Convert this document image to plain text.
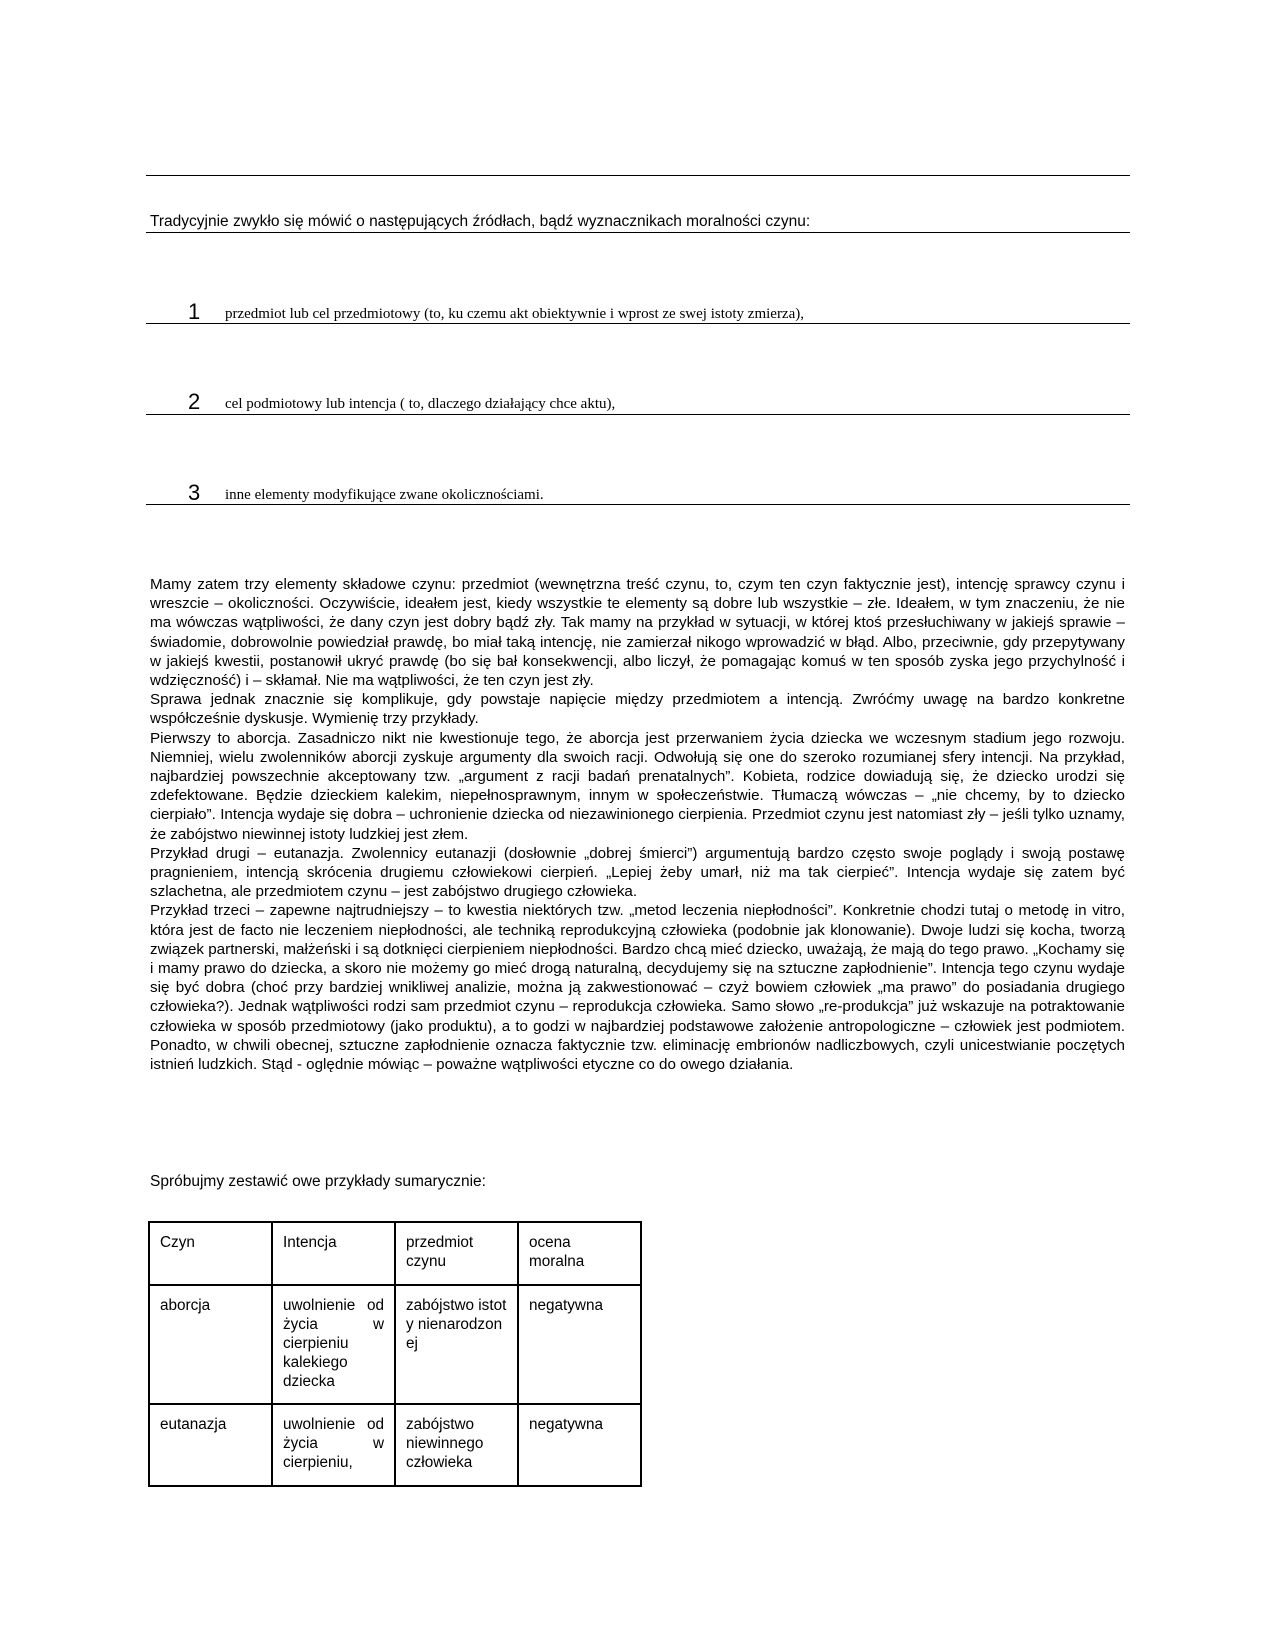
Tradycyjnie zwykło się mówić o następujących źródłach, bądź wyznacznikach moralności czynu:
1 przedmiot lub cel przedmiotowy (to, ku czemu akt obiektywnie i wprost ze swej istoty zmierza),
2 cel podmiotowy lub intencja ( to, dlaczego działający chce aktu),
3 inne elementy modyfikujące zwane okolicznościami.

Mamy zatem trzy elementy składowe czynu: przedmiot (wewnętrzna treść czynu, to, czym ten czyn faktycznie jest), intencję sprawcy czynu i wreszcie – okoliczności. Oczywiście, ideałem jest, kiedy wszystkie te elementy są dobre lub wszystkie – złe. Ideałem, w tym znaczeniu, że nie ma wówczas wątpliwości, że dany czyn jest dobry bądź zły. Tak mamy na przykład w sytuacji, w której ktoś przesłuchiwany w jakiejś sprawie – świadomie, dobrowolnie powiedział prawdę, bo miał taką intencję, nie zamierzał nikogo wprowadzić w błąd. Albo, przeciwnie, gdy przepytywany w jakiejś kwestii, postanowił ukryć prawdę (bo się bał konsekwencji, albo liczył, że pomagając komuś w ten sposób zyska jego przychylność i wdzięczność) i – skłamał. Nie ma wątpliwości, że ten czyn jest zły.

Sprawa jednak znacznie się komplikuje, gdy powstaje napięcie między przedmiotem a intencją. Zwróćmy uwagę na bardzo konkretne współcześnie dyskusje. Wymienię trzy przykłady.

Pierwszy to aborcja. Zasadniczo nikt nie kwestionuje tego, że aborcja jest przerwaniem życia dziecka we wczesnym stadium jego rozwoju. Niemniej, wielu zwolenników aborcji zyskuje argumenty dla swoich racji. Odwołują się one do szeroko rozumianej sfery intencji. Na przykład, najbardziej powszechnie akceptowany tzw. „argument z racji badań prenatalnych”. Kobieta, rodzice dowiadują się, że dziecko urodzi się zdefektowane. Będzie dzieckiem kalekim, niepełnosprawnym, innym w społeczeństwie. Tłumaczą wówczas – „nie chcemy, by to dziecko cierpiało”. Intencja wydaje się dobra – uchronienie dziecka od niezawinionego cierpienia. Przedmiot czynu jest natomiast zły – jeśli tylko uznamy, że zabójstwo niewinnej istoty ludzkiej jest złem.

Przykład drugi – eutanazja. Zwolennicy eutanazji (dosłownie „dobrej śmierci”) argumentują bardzo często swoje poglądy i swoją postawę pragnieniem, intencją skrócenia drugiemu człowiekowi cierpień. „Lepiej żeby umarł, niż ma tak cierpieć”. Intencja wydaje się zatem być szlachetna, ale przedmiotem czynu – jest zabójstwo drugiego człowieka.

Przykład trzeci – zapewne najtrudniejszy – to kwestia niektórych tzw. „metod leczenia niepłodności”. Konkretnie chodzi tutaj o metodę in vitro, która jest de facto nie leczeniem niepłodności, ale techniką reprodukcyjną człowieka (podobnie jak klonowanie). Dwoje ludzi się kocha, tworzą związek partnerski, małżeński i są dotknięci cierpieniem niepłodności. Bardzo chcą mieć dziecko, uważają, że mają do tego prawo. „Kochamy się i mamy prawo do dziecka, a skoro nie możemy go mieć drogą naturalną, decydujemy się na sztuczne zapłodnienie”. Intencja tego czynu wydaje się być dobra (choć przy bardziej wnikliwej analizie, można ją zakwestionować – czyż bowiem człowiek „ma prawo” do posiadania drugiego człowieka?). Jednak wątpliwości rodzi sam przedmiot czynu – reprodukcja człowieka. Samo słowo „re-produkcja” już wskazuje na potraktowanie człowieka w sposób przedmiotowy (jako produktu), a to godzi w najbardziej podstawowe założenie antropologiczne – człowiek jest podmiotem. Ponadto, w chwili obecnej, sztuczne zapłodnienie oznacza faktycznie tzw. eliminację embrionów nadliczbowych, czyli unicestwianie poczętych istnień ludzkich. Stąd - oględnie mówiąc – poważne wątpliwości etyczne co do owego działania.

Spróbujmy zestawić owe przykłady sumarycznie:
Czyn	Intencja	przedmiot czynu	ocena moralna

aborcja	uwolnienie od życia w cierpieniu kalekiego dziecka	zabójstwo istoty nienarodzonej	negatywna

eutanazja	uwolnienie od życia w cierpieniu,	zabójstwo niewinnego człowieka	negatywna
